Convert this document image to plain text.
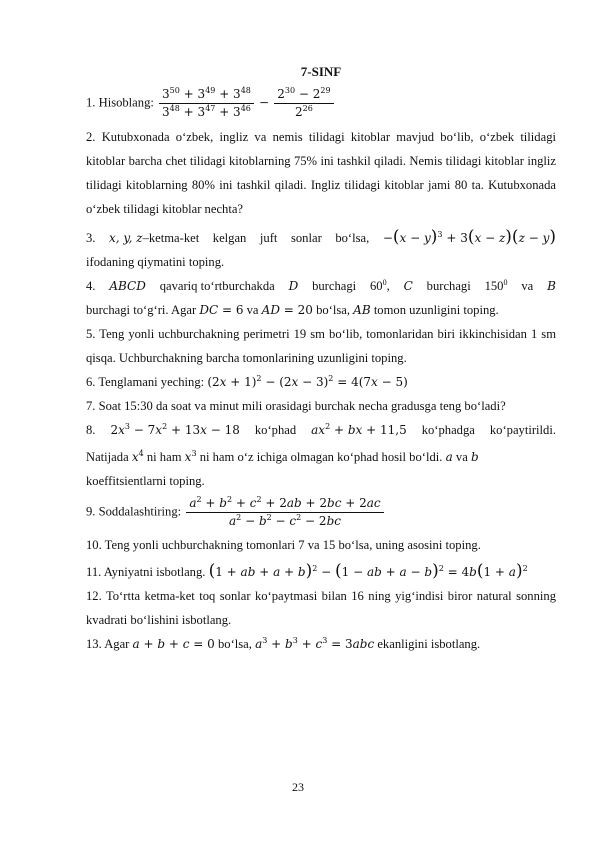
7-SINF
1. Hisoblang: $\frac{3^{50} + 3^{49} + 3^{48}}{3^{48} + 3^{47} + 3^{46}} - \frac{2^{30} - 2^{29}}{2^{26}}$
2. Kutubxonada o‘zbek, ingliz va nemis tilidagi kitoblar mavjud bo‘lib, o‘zbek tilidagi kitoblar barcha chet tilidagi kitoblarning 75% ini tashkil qiladi. Nemis tilidagi kitoblar ingliz tilidagi kitoblarning 80% ini tashkil qiladi. Ingliz tilidagi kitoblar jami 80 ta. Kutubxonada o‘zbek tilidagi kitoblar nechta?
3. x, y, z–ketma-ket kelgan juft sonlar bo‘lsa, $-(x - y)^3 + 3(x - z)(z - y)$
ifodaning qiymatini toping.
4. ABCD qavariq to‘rtburchakda D burchagi $60^0$, C burchagi $150^0$ va B
burchagi to‘g‘ri. Agar DC = 6 va AD = 20 bo‘lsa, AB tomon uzunligini toping.
5. Teng yonli uchburchakning perimetri 19 sm bo‘lib, tomonlaridan biri ikkinchisidan 1 sm qisqa. Uchburchakning barcha tomonlarining uzunligini toping.
6. Tenglamani yeching: $(2x + 1)^2 - (2x - 3)^2 = 4(7x - 5)$
7. Soat 15:30 da soat va minut mili orasidagi burchak necha gradusga teng bo‘ladi?
8. $2x^3 - 7x^2 + 13x - 18$ ko‘phad $ax^2$ + bx + 11,5 ko‘phadga ko‘paytirildi.
Natijada $x^4$ ni ham $x^3$ ni ham o‘z ichiga olmagan ko‘phad hosil bo‘ldi. a va b
koeffitsientlarni toping.
9. Soddalashtiring: $\frac{a^2 + b^2 + c^2 + 2ab + 2bc + 2ac}{a^2 - b^2 - c^2 - 2bc}$
10. Teng yonli uchburchakning tomonlari 7 va 15 bo‘lsa, uning asosini toping.
11. Ayniyatni isbotlang. (1 + ab + a + b)$^2$ − (1 − ab + $a - b)^2 = 4b(1 + a)^2$
12. To‘rtta ketma-ket toq sonlar ko‘paytmasi bilan 16 ning yig‘indisi biror natural sonning kvadrati bo‘lishini isbotlang.
13. Agar a + b + c = 0 bo‘lsa, $a^3 + b^3 + c^3 = 3abc$ ekanligini isbotlang.
23
